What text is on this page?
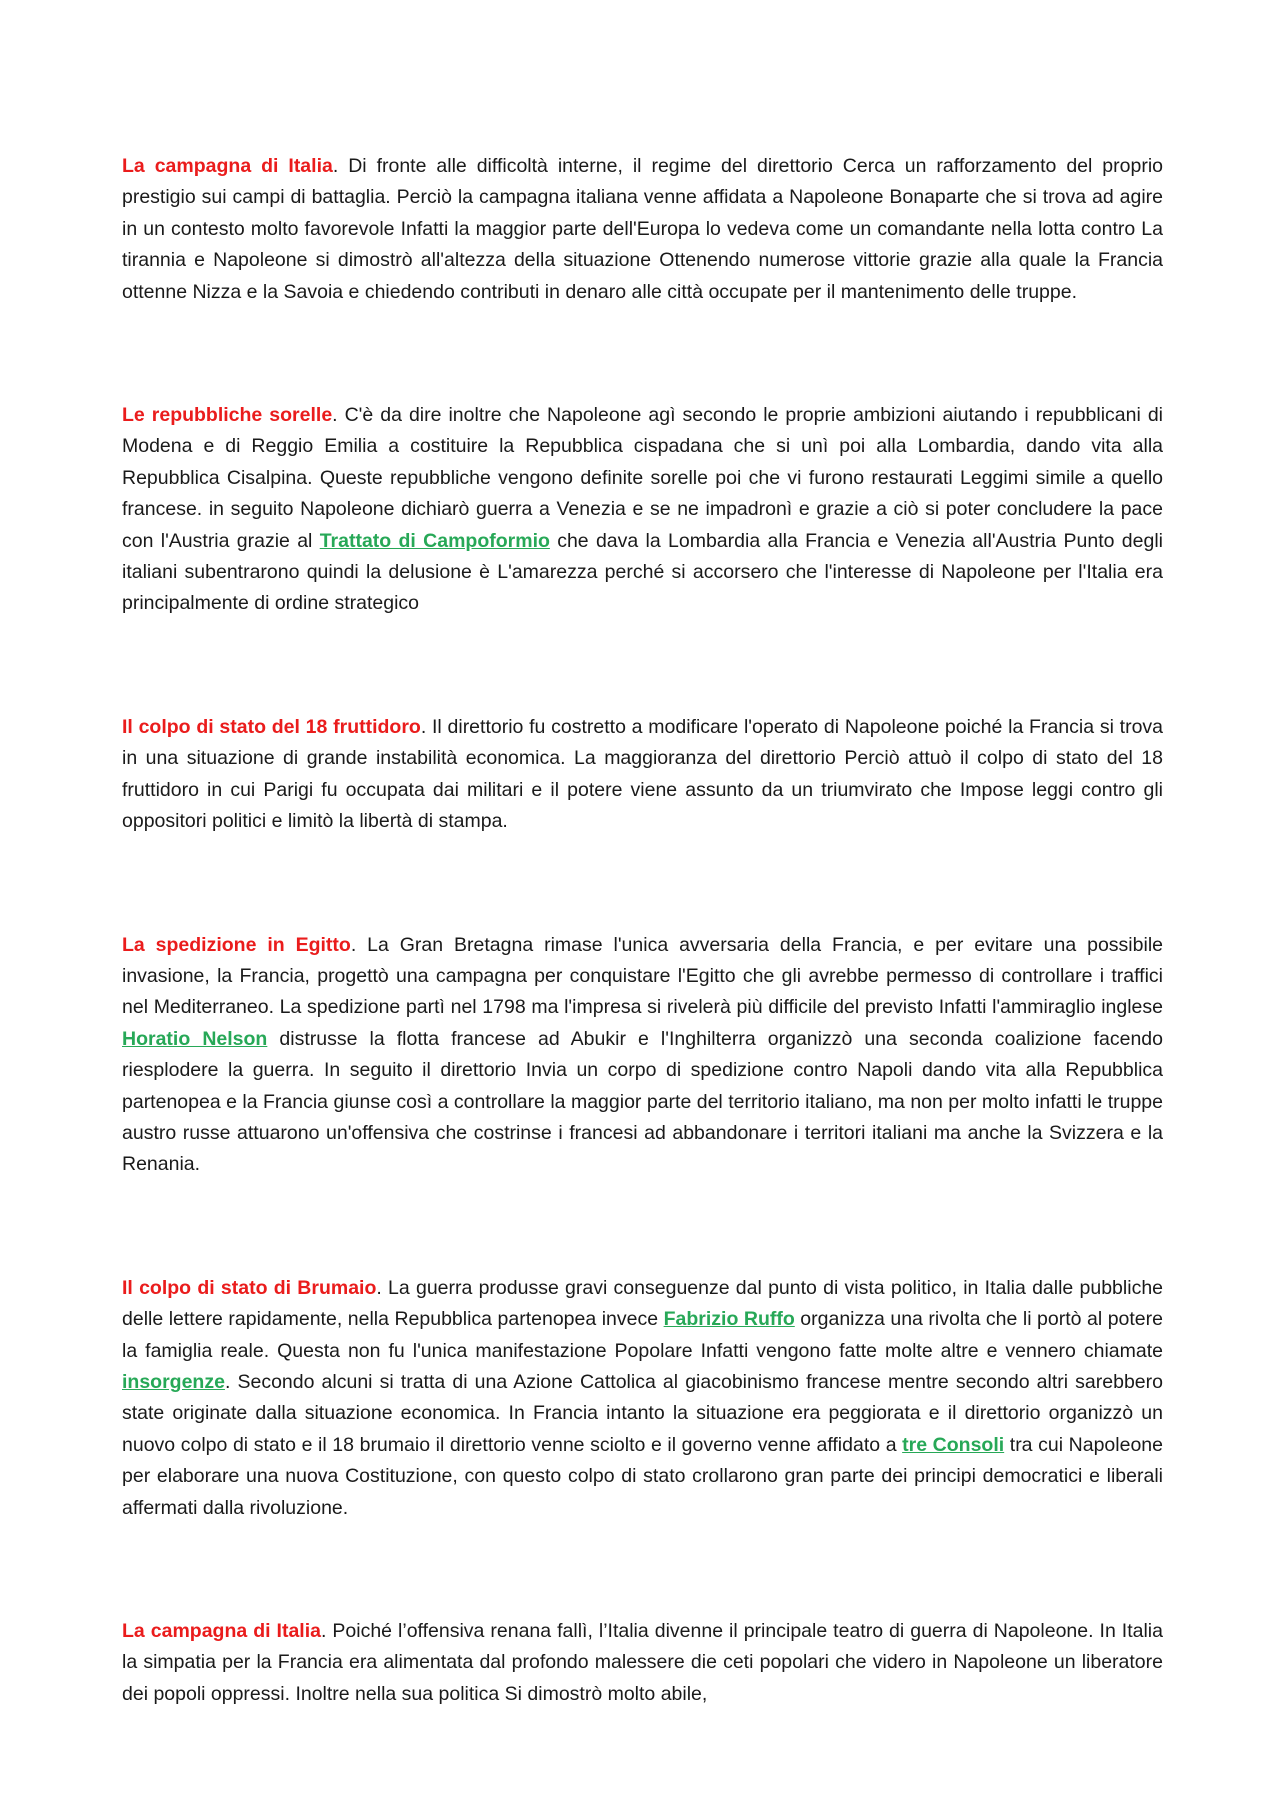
La campagna di Italia. Di fronte alle difficoltà interne, il regime del direttorio Cerca un rafforzamento del proprio prestigio sui campi di battaglia. Perciò la campagna italiana venne affidata a Napoleone Bonaparte che si trova ad agire in un contesto molto favorevole Infatti la maggior parte dell'Europa lo vedeva come un comandante nella lotta contro La tirannia e Napoleone si dimostrò all'altezza della situazione Ottenendo numerose vittorie grazie alla quale la Francia ottenne Nizza e la Savoia e chiedendo contributi in denaro alle città occupate per il mantenimento delle truppe.

Le repubbliche sorelle. C'è da dire inoltre che Napoleone agì secondo le proprie ambizioni aiutando i repubblicani di Modena e di Reggio Emilia a costituire la Repubblica cispadana che si unì poi alla Lombardia, dando vita alla Repubblica Cisalpina. Queste repubbliche vengono definite sorelle poi che vi furono restaurati Leggimi simile a quello francese. in seguito Napoleone dichiarò guerra a Venezia e se ne impadronì e grazie a ciò si poter concludere la pace con l'Austria grazie al Trattato di Campoformio che dava la Lombardia alla Francia e Venezia all'Austria Punto degli italiani subentrarono quindi la delusione è L'amarezza perché si accorsero che l'interesse di Napoleone per l'Italia era principalmente di ordine strategico

Il colpo di stato del 18 fruttidoro. Il direttorio fu costretto a modificare l'operato di Napoleone poiché la Francia si trova in una situazione di grande instabilità economica. La maggioranza del direttorio Perciò attuò il colpo di stato del 18 fruttidoro in cui Parigi fu occupata dai militari e il potere viene assunto da un triumvirato che Impose leggi contro gli oppositori politici e limitò la libertà di stampa.

La spedizione in Egitto. La Gran Bretagna rimase l'unica avversaria della Francia, e per evitare una possibile invasione, la Francia, progettò una campagna per conquistare l'Egitto che gli avrebbe permesso di controllare i traffici nel Mediterraneo. La spedizione partì nel 1798 ma l'impresa si rivelerà più difficile del previsto Infatti l'ammiraglio inglese Horatio Nelson distrusse la flotta francese ad Abukir e l'Inghilterra organizzò una seconda coalizione facendo riesplodere la guerra. In seguito il direttorio Invia un corpo di spedizione contro Napoli dando vita alla Repubblica partenopea e la Francia giunse così a controllare la maggior parte del territorio italiano, ma non per molto infatti le truppe austro russe attuarono un'offensiva che costrinse i francesi ad abbandonare i territori italiani ma anche la Svizzera e la Renania.

Il colpo di stato di Brumaio. La guerra produsse gravi conseguenze dal punto di vista politico, in Italia dalle pubbliche delle lettere rapidamente, nella Repubblica partenopea invece Fabrizio Ruffo organizza una rivolta che li portò al potere la famiglia reale. Questa non fu l'unica manifestazione Popolare Infatti vengono fatte molte altre e vennero chiamate insorgenze. Secondo alcuni si tratta di una Azione Cattolica al giacobinismo francese mentre secondo altri sarebbero state originate dalla situazione economica. In Francia intanto la situazione era peggiorata e il direttorio organizzò un nuovo colpo di stato e il 18 brumaio il direttorio venne sciolto e il governo venne affidato a tre Consoli tra cui Napoleone per elaborare una nuova Costituzione, con questo colpo di stato crollarono gran parte dei principi democratici e liberali affermati dalla rivoluzione.

La campagna di Italia. Poiché l’offensiva renana fallì, l’Italia divenne il principale teatro di guerra di Napoleone. In Italia la simpatia per la Francia era alimentata dal profondo malessere die ceti popolari che videro in Napoleone un liberatore dei popoli oppressi. Inoltre nella sua politica Si dimostrò molto abile,
